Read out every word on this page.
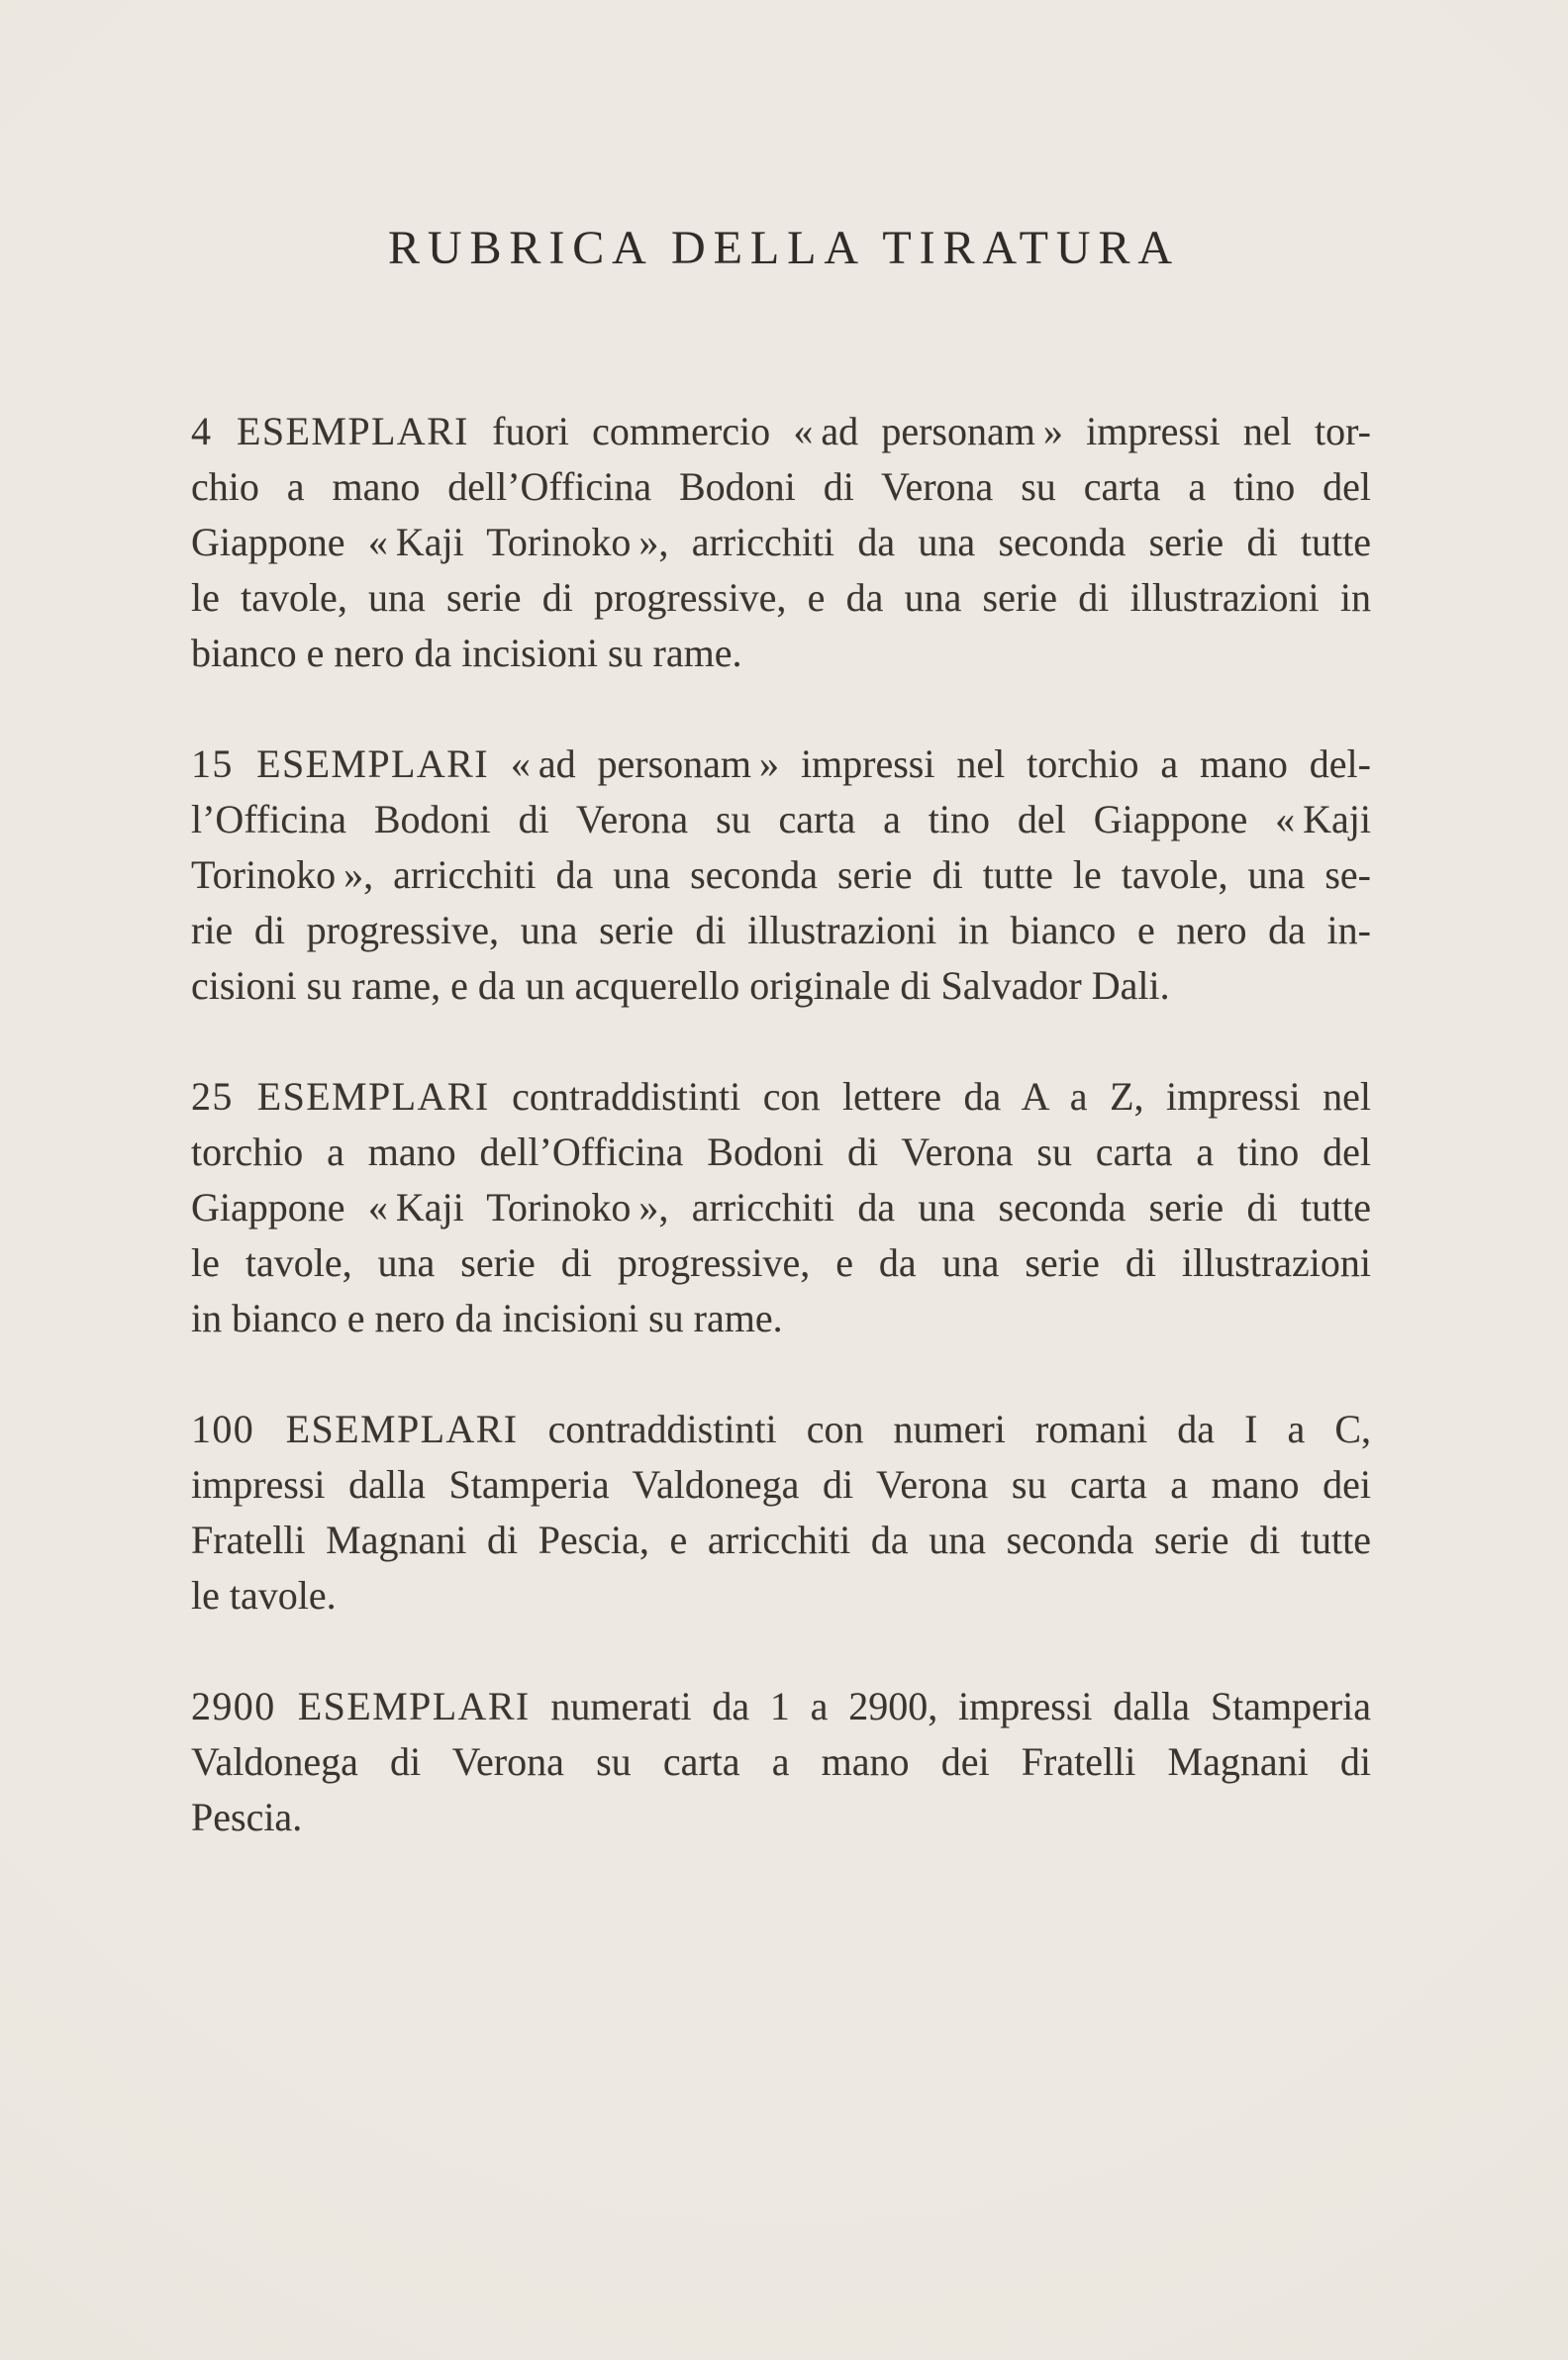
RUBRICA DELLA TIRATURA
4 ESEMPLARI fuori commercio « ad personam » impressi nel tor-
chio a mano dell’Officina Bodoni di Verona su carta a tino del
Giappone « Kaji Torinoko », arricchiti da una seconda serie di tutte
le tavole, una serie di progressive, e da una serie di illustrazioni in
bianco e nero da incisioni su rame.
15 ESEMPLARI « ad personam » impressi nel torchio a mano del-
l’Officina Bodoni di Verona su carta a tino del Giappone « Kaji
Torinoko », arricchiti da una seconda serie di tutte le tavole, una se-
rie di progressive, una serie di illustrazioni in bianco e nero da in-
cisioni su rame, e da un acquerello originale di Salvador Dali.
25 ESEMPLARI contraddistinti con lettere da A a Z, impressi nel
torchio a mano dell’Officina Bodoni di Verona su carta a tino del
Giappone « Kaji Torinoko », arricchiti da una seconda serie di tutte
le tavole, una serie di progressive, e da una serie di illustrazioni
in bianco e nero da incisioni su rame.
100 ESEMPLARI contraddistinti con numeri romani da I a C,
impressi dalla Stamperia Valdonega di Verona su carta a mano dei
Fratelli Magnani di Pescia, e arricchiti da una seconda serie di tutte
le tavole.
2900 ESEMPLARI numerati da 1 a 2900, impressi dalla Stamperia
Valdonega di Verona su carta a mano dei Fratelli Magnani di
Pescia.
